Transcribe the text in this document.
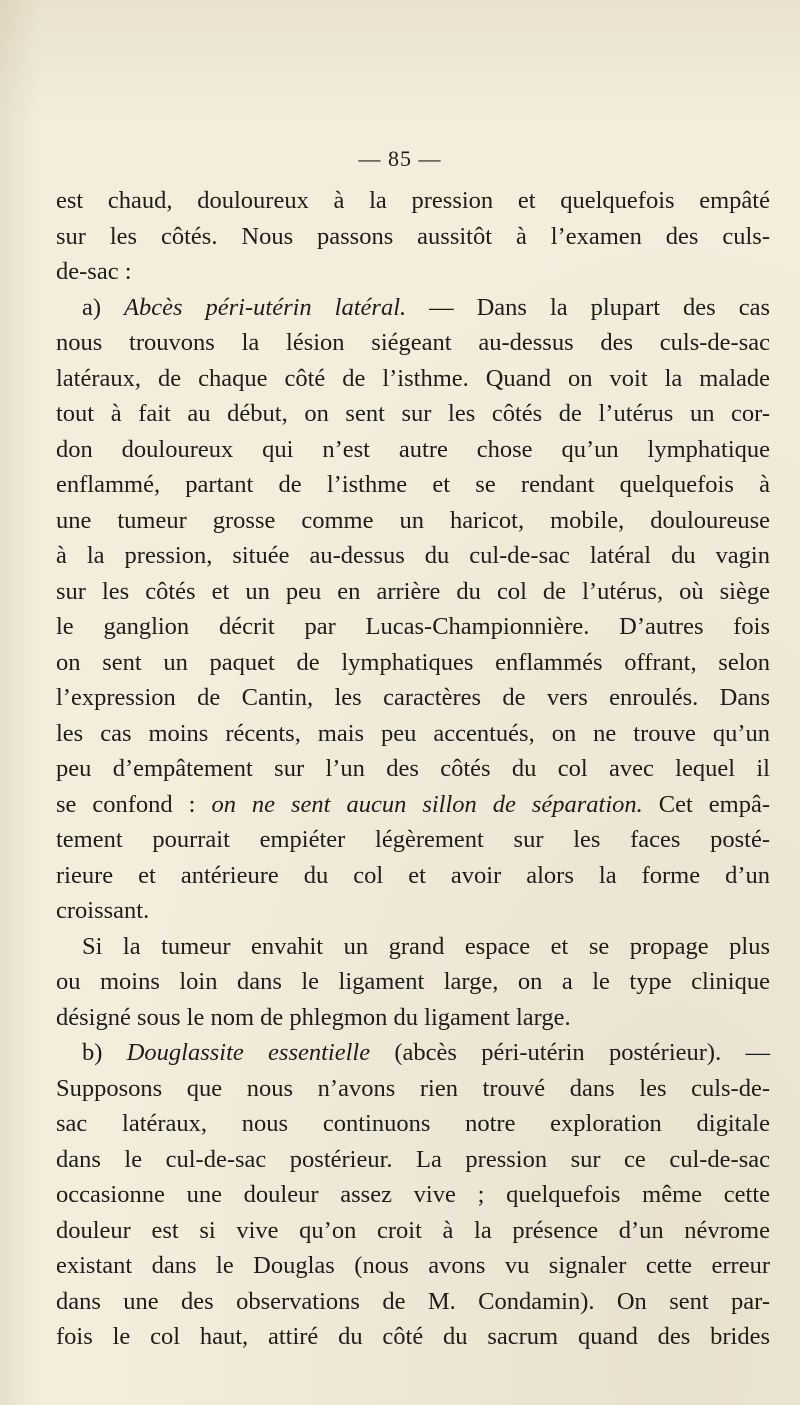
— 85 —
est chaud, douloureux à la pression et quelquefois empâté
sur les côtés. Nous passons aussitôt à l’examen des culs-
de-sac :
a) Abcès péri-utérin latéral. — Dans la plupart des cas
nous trouvons la lésion siégeant au-dessus des culs-de-sac
latéraux, de chaque côté de l’isthme. Quand on voit la malade
tout à fait au début, on sent sur les côtés de l’utérus un cor-
don douloureux qui n’est autre chose qu’un lymphatique
enflammé, partant de l’isthme et se rendant quelquefois à
une tumeur grosse comme un haricot, mobile, douloureuse
à la pression, située au-dessus du cul-de-sac latéral du vagin
sur les côtés et un peu en arrière du col de l’utérus, où siège
le ganglion décrit par Lucas-Championnière. D’autres fois
on sent un paquet de lymphatiques enflammés offrant, selon
l’expression de Cantin, les caractères de vers enroulés. Dans
les cas moins récents, mais peu accentués, on ne trouve qu’un
peu d’empâtement sur l’un des côtés du col avec lequel il
se confond : on ne sent aucun sillon de séparation. Cet empâ-
tement pourrait empiéter légèrement sur les faces posté-
rieure et antérieure du col et avoir alors la forme d’un
croissant.
Si la tumeur envahit un grand espace et se propage plus
ou moins loin dans le ligament large, on a le type clinique
désigné sous le nom de phlegmon du ligament large.
b) Douglassite essentielle (abcès péri-utérin postérieur). —
Supposons que nous n’avons rien trouvé dans les culs-de-
sac latéraux, nous continuons notre exploration digitale
dans le cul-de-sac postérieur. La pression sur ce cul-de-sac
occasionne une douleur assez vive ; quelquefois même cette
douleur est si vive qu’on croit à la présence d’un névrome
existant dans le Douglas (nous avons vu signaler cette erreur
dans une des observations de M. Condamin). On sent par-
fois le col haut, attiré du côté du sacrum quand des brides
